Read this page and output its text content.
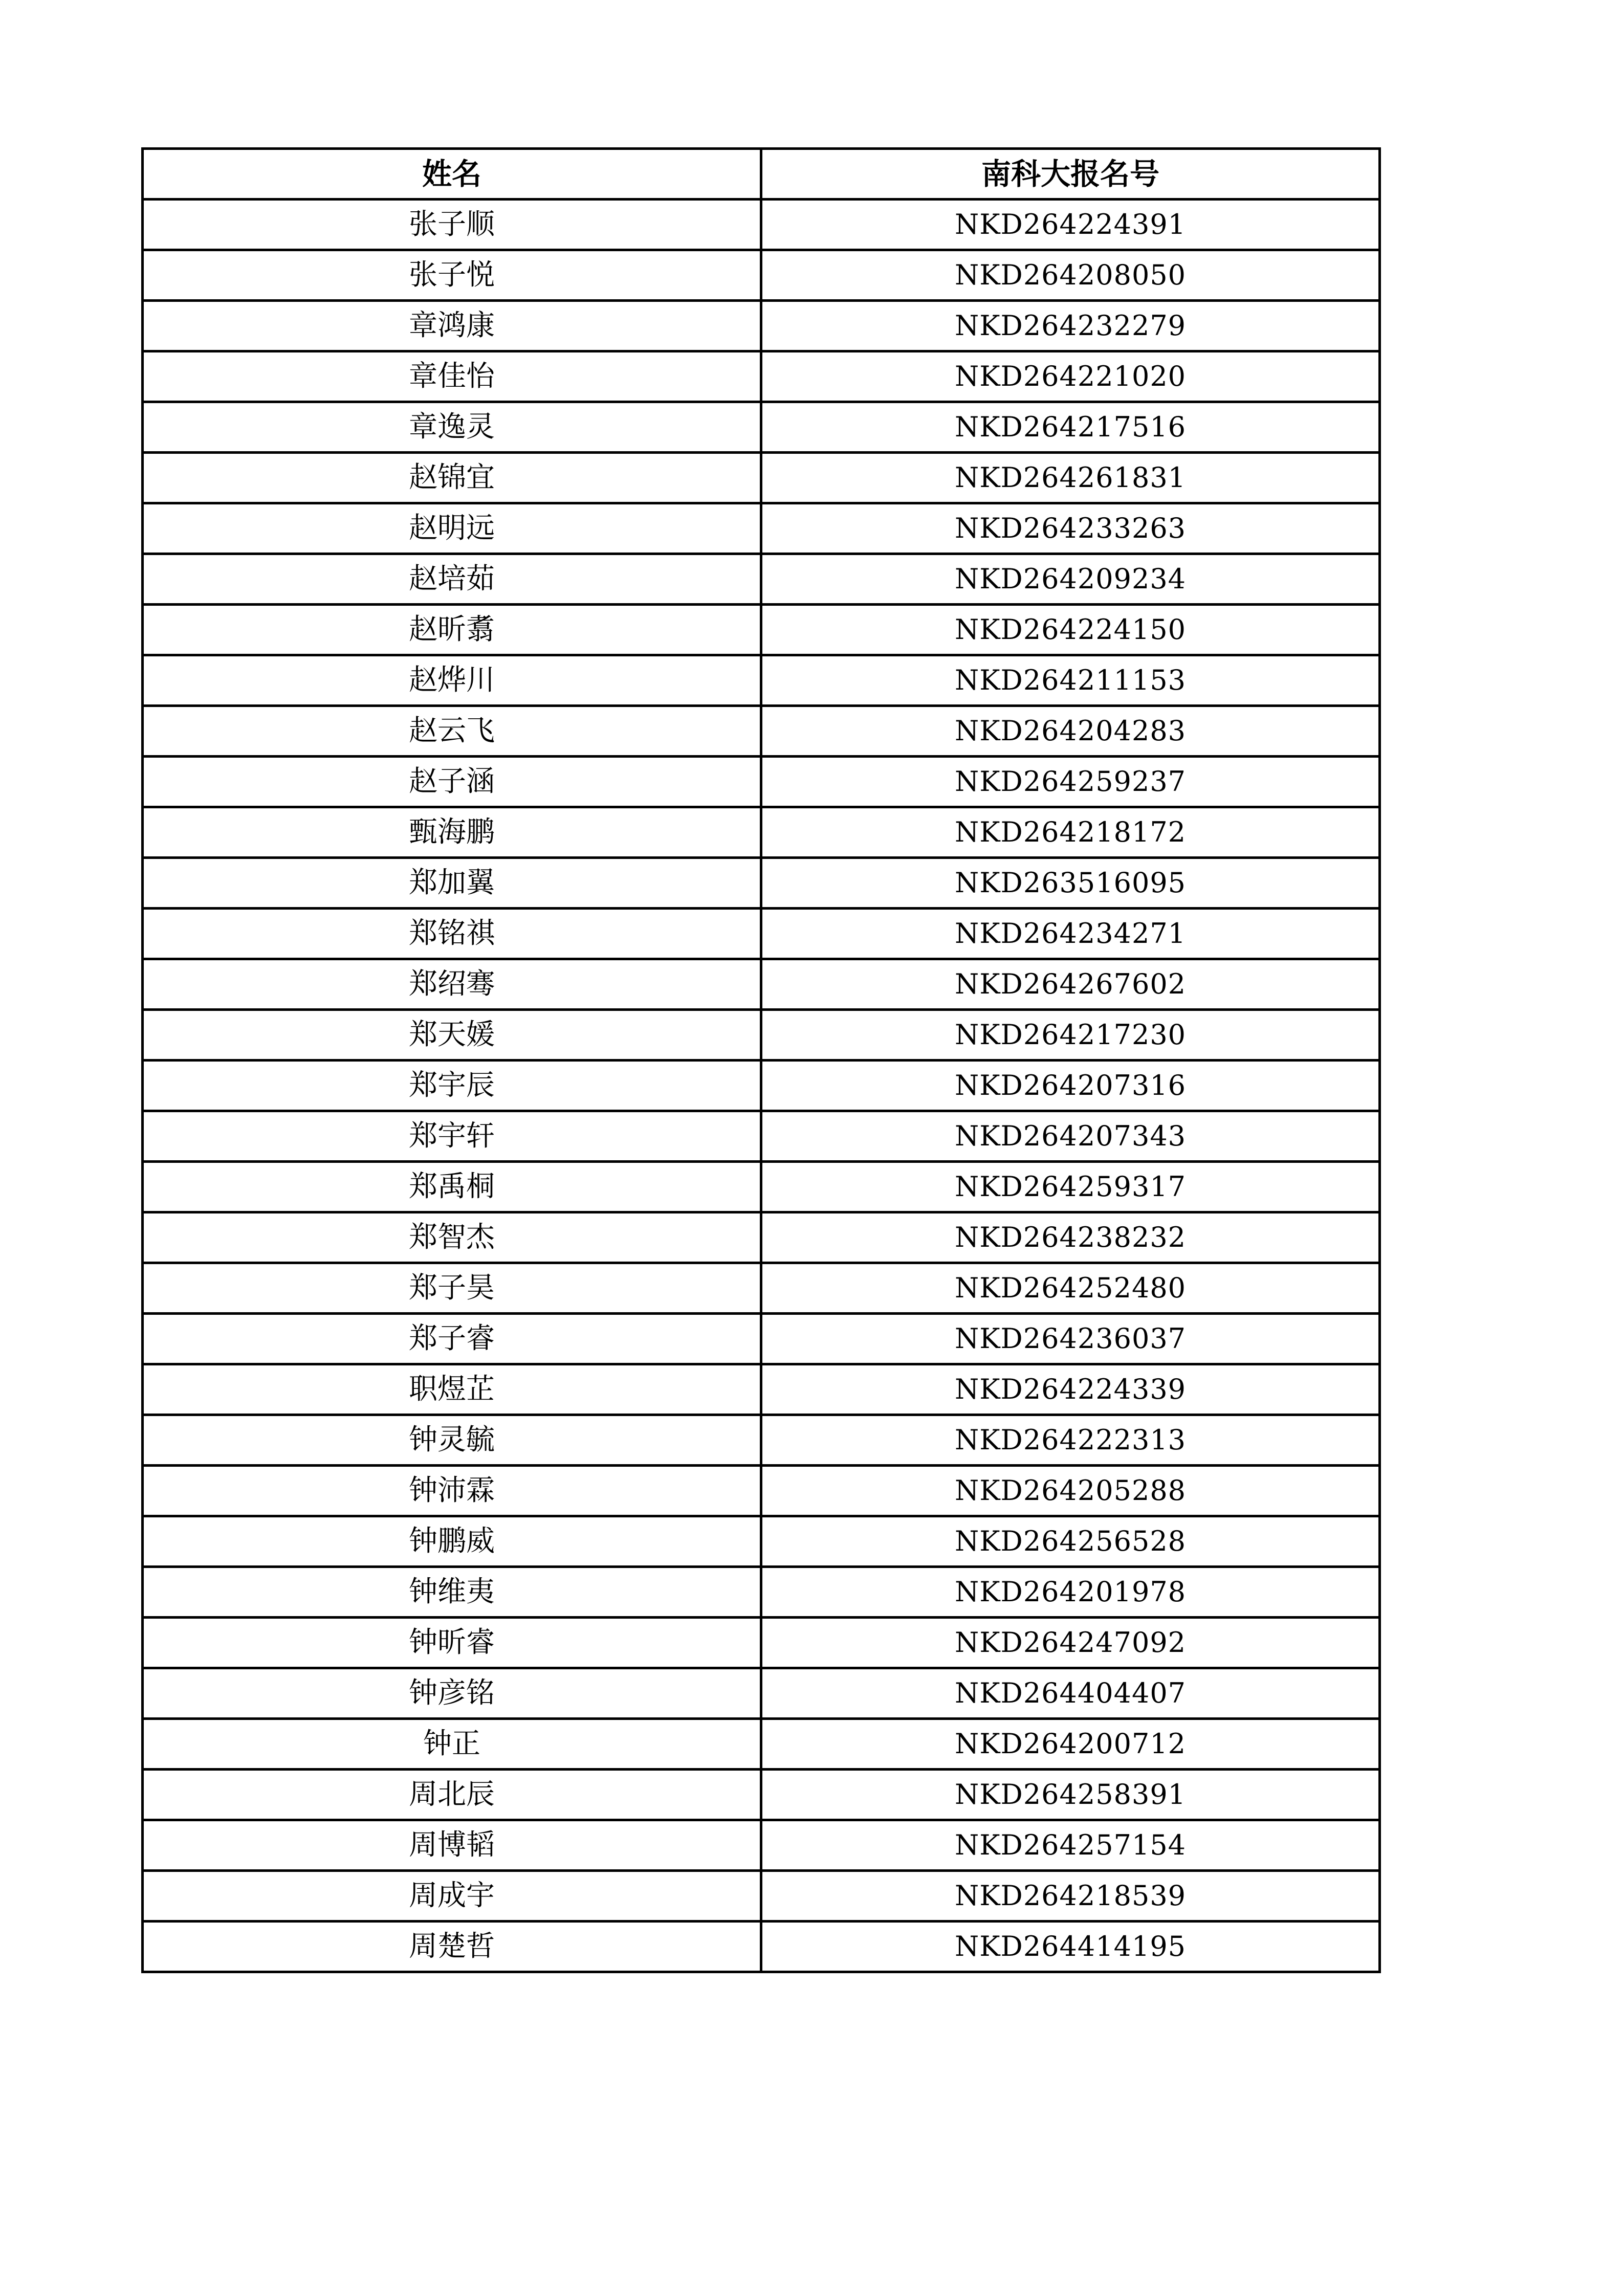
姓名	南科大报名号
张子顺	NKD264224391
张子悦	NKD264208050
章鸿康	NKD264232279
章佳怡	NKD264221020
章逸灵	NKD264217516
赵锦宜	NKD264261831
赵明远	NKD264233263
赵培茹	NKD264209234
赵昕翥	NKD264224150
赵烨川	NKD264211153
赵云飞	NKD264204283
赵子涵	NKD264259237
甄海鹏	NKD264218172
郑加翼	NKD263516095
郑铭祺	NKD264234271
郑绍骞	NKD264267602
郑天媛	NKD264217230
郑宇辰	NKD264207316
郑宇轩	NKD264207343
郑禹桐	NKD264259317
郑智杰	NKD264238232
郑子昊	NKD264252480
郑子睿	NKD264236037
职煜芷	NKD264224339
钟灵毓	NKD264222313
钟沛霖	NKD264205288
钟鹏威	NKD264256528
钟维夷	NKD264201978
钟昕睿	NKD264247092
钟彦铭	NKD264404407
钟正	NKD264200712
周北辰	NKD264258391
周博韬	NKD264257154
周成宇	NKD264218539
周楚哲	NKD264414195
